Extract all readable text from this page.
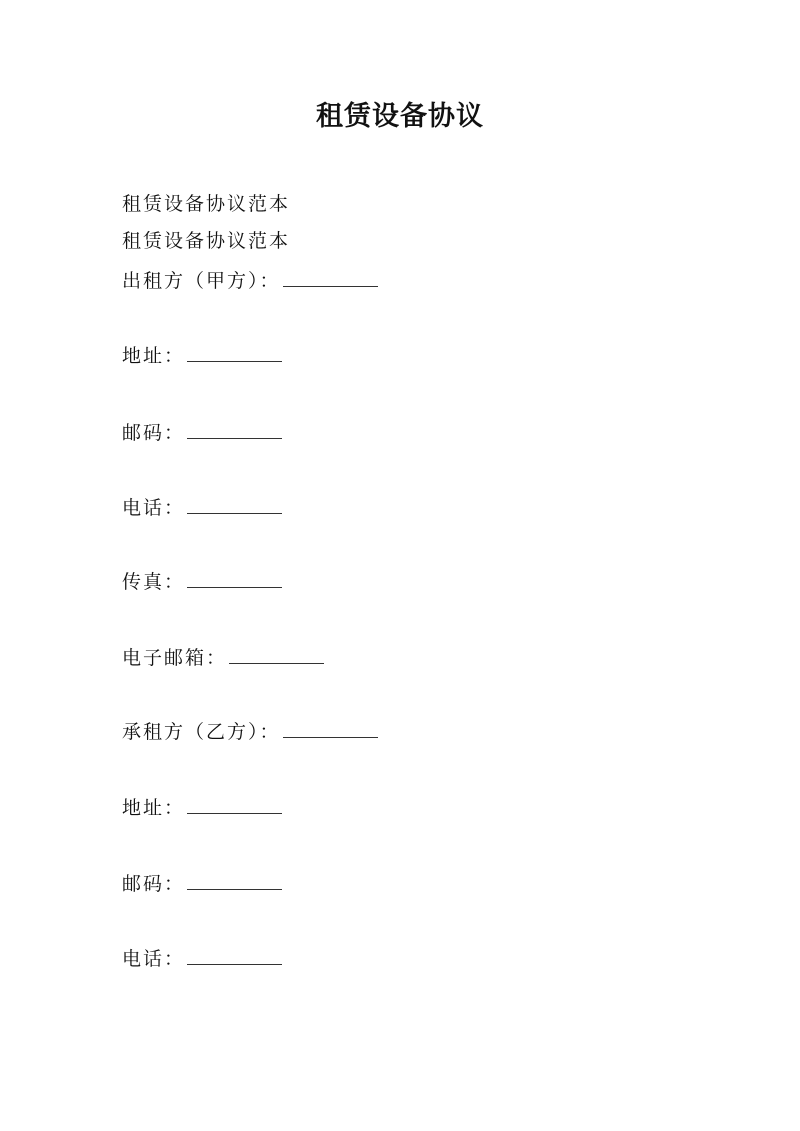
租赁设备协议
租赁设备协议范本
租赁设备协议范本
出租方（甲方）：
地址：
邮码：
电话：
传真：
电子邮箱：
承租方（乙方）：
地址：
邮码：
电话：
